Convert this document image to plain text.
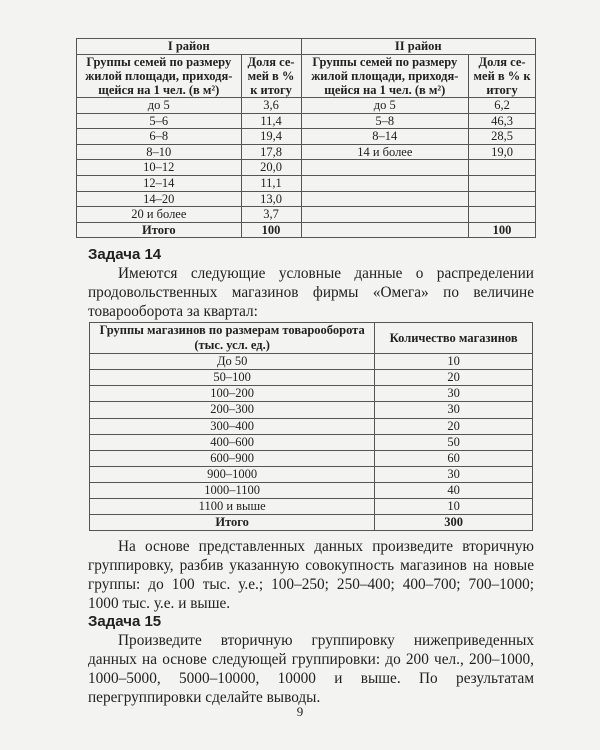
I район		II район	
Группы семей по размеру жилой площади, приходя-щейся на 1 чел. (в м²)	Доля се-мей в % к итогу	Группы семей по размеру жилой площади, приходя-щейся на 1 чел. (в м²)	Доля се-мей в % к итогу
до 5	3,6	до 5	6,2
5–6	11,4	5–8	46,3
6–8	19,4	8–14	28,5
8–10	17,8	14 и более	19,0
10–12	20,0		
12–14	11,1		
14–20	13,0		
20 и более	3,7		
Итого	100		100
Задача 14
Имеются следующие условные данные о распределении продовольственных магазинов фирмы «Омега» по величине товарооборота за квартал:
Группы магазинов по размерам товарооборота (тыс. усл. ед.)	Количество магазинов
До 50	10
50–100	20
100–200	30
200–300	30
300–400	20
400–600	50
600–900	60
900–1000	30
1000–1100	40
1100 и выше	10
Итого	300
На основе представленных данных произведите вторичную группировку, разбив указанную совокупность магазинов на новые группы: до 100 тыс. у.е.; 100–250; 250–400; 400–700; 700–1000; 1000 тыс. у.е. и выше.
Задача 15
Произведите вторичную группировку нижеприведенных данных на основе следующей группировки: до 200 чел., 200–1000, 1000–5000, 5000–10000, 10000 и выше. По результатам перегруппировки сделайте выводы.
9
